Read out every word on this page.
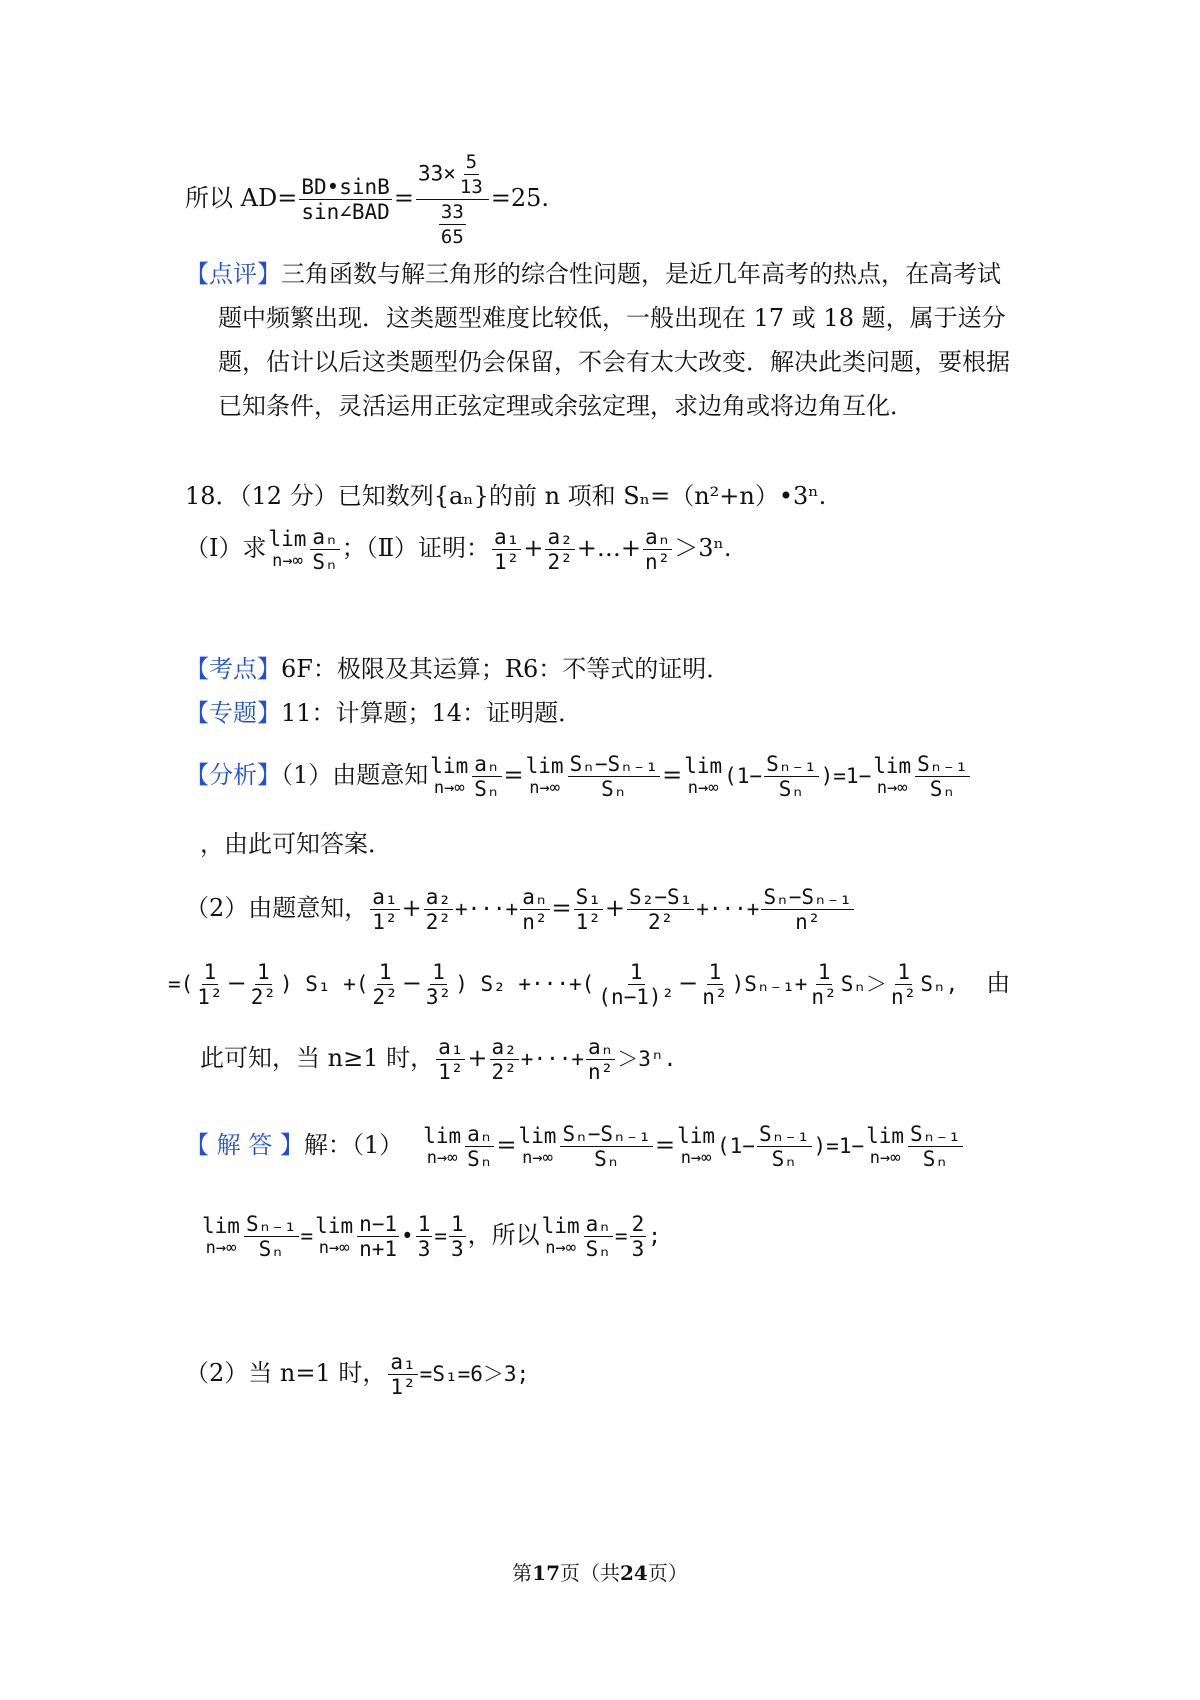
所以 $AD= \frac{BD•\sin B}{\text{sin∠BAD}} = \frac{33\times \frac{5}{13}}{\frac{33}{65}} =25$.
【点评】三角函数与解三角形的综合性问题，是近几年高考的热点，在高考试
题中频繁出现．这类题型难度比较低，一般出现在 17 或 18 题，属于送分
题，估计以后这类题型仍会保留，不会有太大改变．解决此类问题，要根据
已知条件，灵活运用正弦定理或余弦定理，求边角或将边角互化．
18．（12 分）已知数列{aₙ}的前 n 项和 Sₙ=（n²+n）•3ⁿ.
（Ⅰ）求 lim
$n\to\infty \frac{\text{aₙ}}{\text{Sₙ}}$ ；（Ⅱ）证明： $\frac{\text{a₁}}{\text{1²}} + \frac{\text{a₂}}{\text{2²}}$ +…+ $\frac{\text{aₙ}}{\text{n²}} >3^n$.
【考点】6F：极限及其运算；R6：不等式的证明．
【专题】11：计算题；14：证明题．
【分析】（1）由题意知 lim
$n\to\infty \frac{\text{aₙ}}{\text{Sₙ}} = \lim$
$n\to\infty \frac{\text{Sₙ−Sₙ₋₁}}{\text{Sₙ}} = \lim$
n→∞ $(1- \frac{\text{Sₙ₋₁}}{\text{Sₙ}} )=1- \lim$
$n\to\infty \frac{\text{Sₙ₋₁}}{\text{Sₙ}}$
，由此可知答案．
（2）由题意知， $\frac{\text{a₁}}{\text{1²}} + \frac{\text{a₂}}{\text{2²}}$ +···+ $\frac{\text{aₙ}}{\text{n²}} = \frac{\text{S₁}}{\text{1²}} + \frac{\text{S₂−S₁}}{\text{2²}}$ +···+ $\frac{\text{Sₙ−Sₙ₋₁}}{\text{n²}}$
=( $\frac{1}{\text{1²}} - \frac{1}{\text{2²}}$ ) S₁ +( $\frac{1}{\text{2²}} - \frac{1}{\text{3²}}$ ) S₂ +···+( $\frac{1}{\text{(n−1)²}} - \frac{1}{\text{n²}} )S_{n-1}+ \frac{1}{\text{n²}} S_n> \frac{1}{\text{n²}} S_n$, 由
此可知，当 n≥1 时， $\frac{\text{a₁}}{\text{1²}} + \frac{\text{a₂}}{\text{2²}}$ +···+ $\frac{\text{aₙ}}{\text{n²}} >3^n$.
【 解 答 】解：（1） lim
$n\to\infty \frac{\text{aₙ}}{\text{Sₙ}} = \lim$
$n\to\infty \frac{\text{Sₙ−Sₙ₋₁}}{\text{Sₙ}} = \lim$
n→∞ $(1- \frac{\text{Sₙ₋₁}}{\text{Sₙ}} )=1- \lim$
$n\to\infty \frac{\text{Sₙ₋₁}}{\text{Sₙ}}$
lim
$n\to\infty \frac{\text{Sₙ₋₁}}{\text{Sₙ}} = \lim$
$n\to\infty \frac{n-1}{n+1}$ • $\frac{1}{3} = \frac{1}{3}$ ，所以 lim
$n\to\infty \frac{\text{aₙ}}{\text{Sₙ}} = \frac{2}{3}$ ;
（2）当 n=1 时， $\frac{\text{a₁}}{\text{1²}} =S_1=6>3$;
第17页（共24页）
